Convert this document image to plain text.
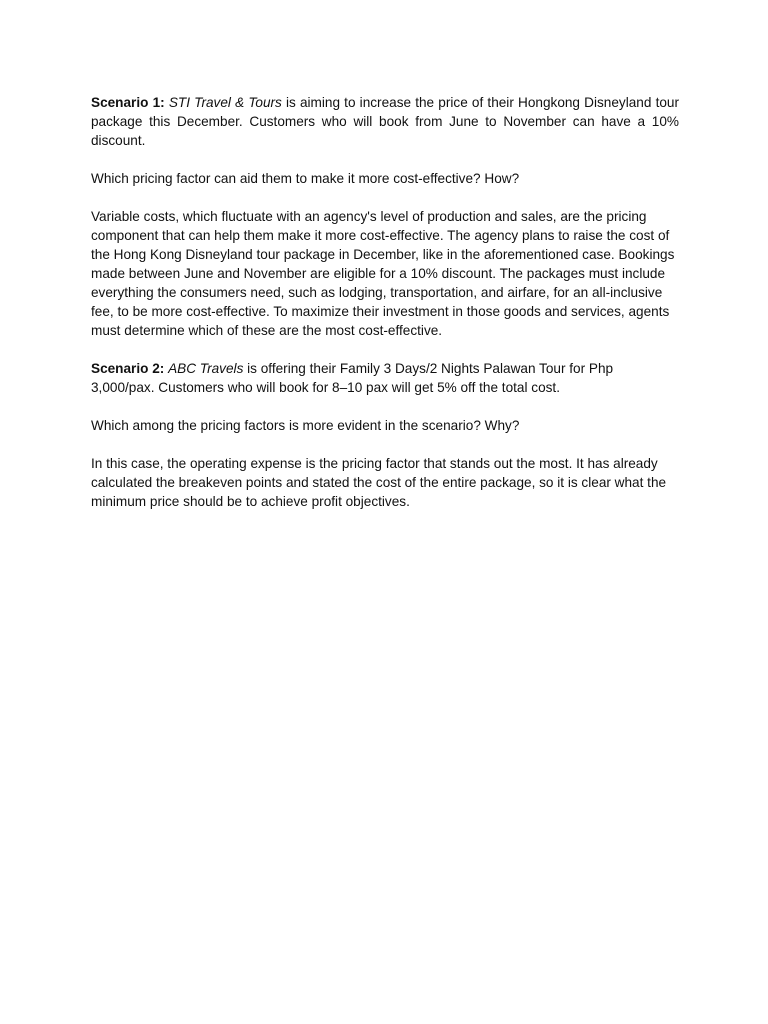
Scenario 1: STI Travel & Tours is aiming to increase the price of their Hongkong Disneyland tour package this December. Customers who will book from June to November can have a 10% discount.

Which pricing factor can aid them to make it more cost-effective? How?

Variable costs, which fluctuate with an agency's level of production and sales, are the pricing component that can help them make it more cost-effective. The agency plans to raise the cost of the Hong Kong Disneyland tour package in December, like in the aforementioned case. Bookings made between June and November are eligible for a 10% discount. The packages must include everything the consumers need, such as lodging, transportation, and airfare, for an all-inclusive fee, to be more cost-effective. To maximize their investment in those goods and services, agents must determine which of these are the most cost-effective.

Scenario 2: ABC Travels is offering their Family 3 Days/2 Nights Palawan Tour for Php 3,000/pax. Customers who will book for 8–10 pax will get 5% off the total cost.

Which among the pricing factors is more evident in the scenario? Why?

In this case, the operating expense is the pricing factor that stands out the most. It has already calculated the breakeven points and stated the cost of the entire package, so it is clear what the minimum price should be to achieve profit objectives.
